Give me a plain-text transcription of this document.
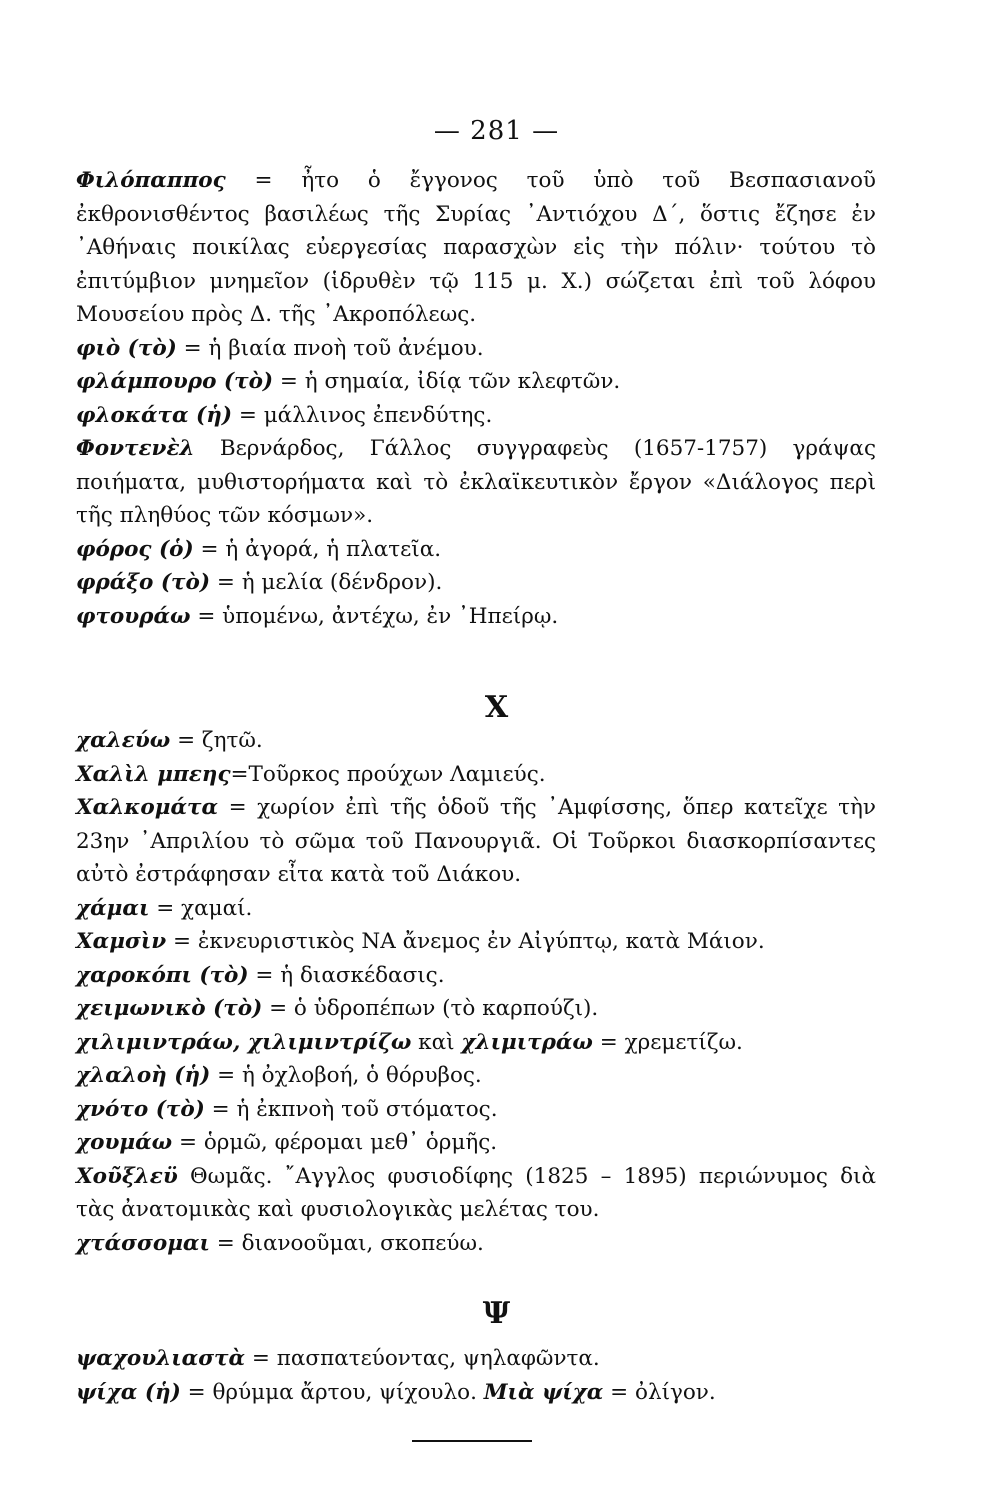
— 281 —

Φιλόπαππος = ἦτο ὁ ἔγγονος τοῦ ὑπὸ τοῦ Βεσπασιανοῦ ἐκθρονισθέντος βασιλέως τῆς Συρίας ᾿Αντιόχου Δ΄, ὅστις ἔζησε ἐν ᾿Αθήναις ποικίλας εὐεργεσίας παρασχὼν εἰς τὴν πόλιν· τούτου τὸ ἐπιτύμβιον μνημεῖον (ἱδρυθὲν τῷ 115 μ. Χ.) σώζεται ἐπὶ τοῦ λόφου Μουσείου πρὸς Δ. τῆς ᾿Ακροπόλεως.

φιὸ (τὸ) = ἡ βιαία πνοὴ τοῦ ἀνέμου.

φλάμπουρο (τὸ) = ἡ σημαία, ἰδίᾳ τῶν κλεφτῶν.

φλοκάτα (ἡ) = μάλλινος ἐπενδύτης.

Φοντενὲλ Βερνάρδος, Γάλλος συγγραφεὺς (1657-1757) γράψας ποιήματα, μυθιστορήματα καὶ τὸ ἐκλαϊκευτικὸν ἔργον «Διάλογος περὶ τῆς πληθύος τῶν κόσμων».

φόρος (ὁ) = ἡ ἀγορά, ἡ πλατεῖα.

φράξο (τὸ) = ἡ μελία (δένδρον).

φτουράω = ὑπομένω, ἀντέχω, ἐν ᾿Ηπείρῳ.

Χ

χαλεύω = ζητῶ.

Χαλὶλ μπεης=Τοῦρκος προύχων Λαμιεύς.

Χαλκομάτα = χωρίον ἐπὶ τῆς ὁδοῦ τῆς ᾿Αμφίσσης, ὅπερ κατεῖχε τὴν 23ην ᾿Απριλίου τὸ σῶμα τοῦ Πανουργιᾶ. Οἱ Τοῦρκοι διασκορπίσαντες αὐτὸ ἐστράφησαν εἶτα κατὰ τοῦ Διάκου.

χάμαι = χαμαί.

Χαμσὶν = ἐκνευριστικὸς ΝΑ ἄνεμος ἐν Αἰγύπτῳ, κατὰ Μάιον.

χαροκόπι (τὸ) = ἡ διασκέδασις.

χειμωνικὸ (τὸ) = ὁ ὑδροπέπων (τὸ καρπούζι).

χιλιμιντράω, χιλιμιντρίζω καὶ χλιμιτράω = χρεμετίζω.

χλαλοὴ (ἡ) = ἡ ὀχλοβοή, ὁ θόρυβος.

χνότο (τὸ) = ἡ ἐκπνοὴ τοῦ στόματος.

χουμάω = ὁρμῶ, φέρομαι μεθ᾿ ὁρμῆς.

Χοῦξλεϋ Θωμᾶς. ῎Αγγλος φυσιοδίφης (1825 – 1895) περιώνυμος διὰ τὰς ἀνατομικὰς καὶ φυσιολογικὰς μελέτας του.

χτάσσομαι = διανοοῦμαι, σκοπεύω.

Ψ

ψαχουλιαστὰ = πασπατεύοντας, ψηλαφῶντα.

ψίχα (ἡ) = θρύμμα ἄρτου, ψίχουλο. Μιὰ ψίχα = ὀλίγον.
